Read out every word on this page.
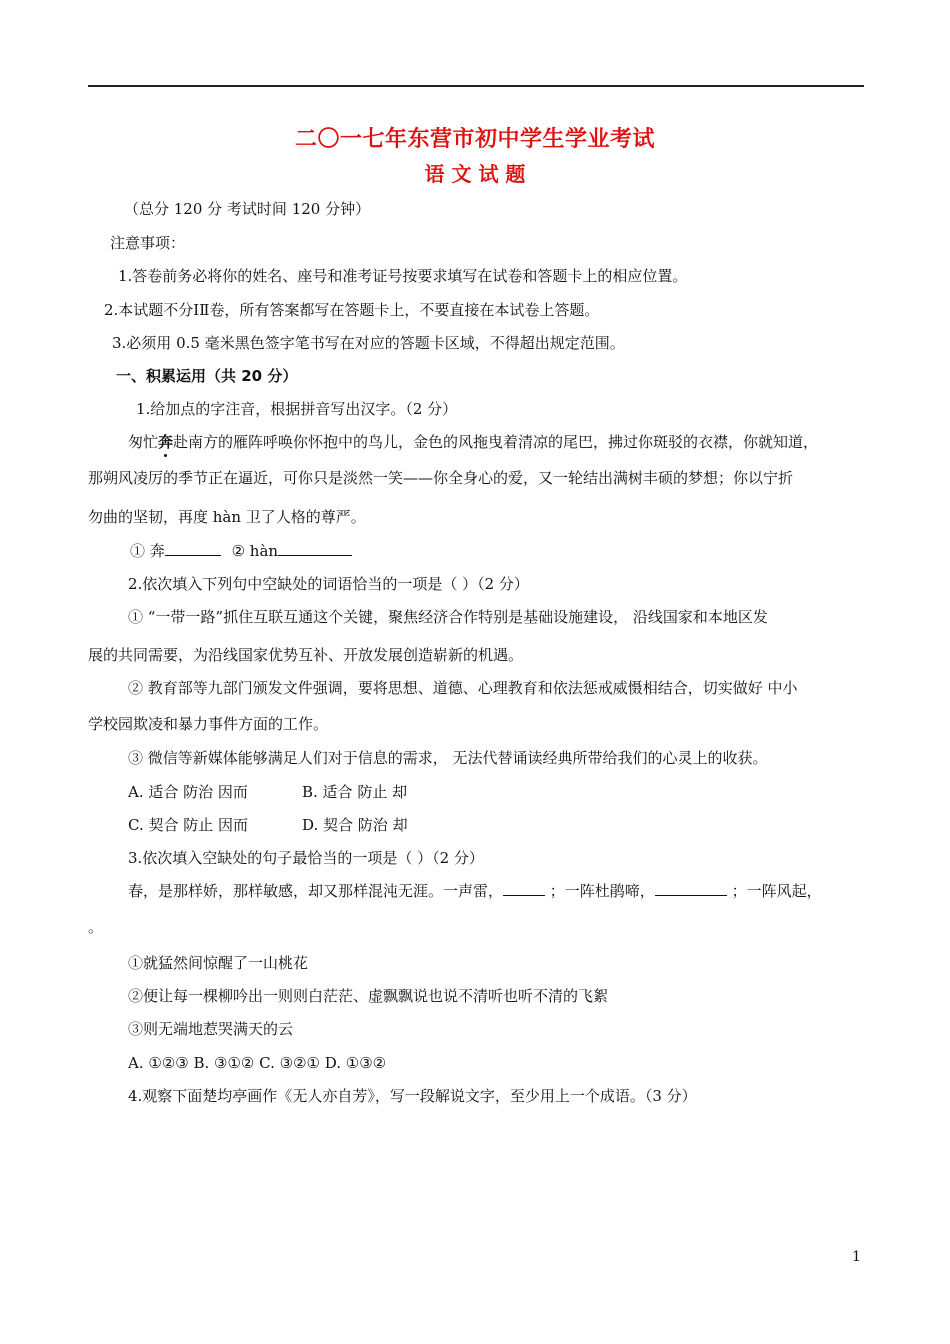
二〇一七年东营市初中学生学业考试
语 文 试 题
（总分 120 分 考试时间 120 分钟）
注意事项：
1.答卷前务必将你的姓名、座号和准考证号按要求填写在试卷和答题卡上的相应位置。
2.本试题不分ⅠⅡ卷，所有答案都写在答题卡上，不要直接在本试卷上答题。
3.必须用 0.5 毫米黑色签字笔书写在对应的答题卡区域，不得超出规定范围。
一、积累运用（共 20 分）
1.给加点的字注音，根据拼音写出汉字。（2 分）
匆忙奔赴南方的雁阵呼唤你怀抱中的鸟儿，金色的风拖曳着清凉的尾巴，拂过你斑驳的衣襟，你就知道，
那朔风凌厉的季节正在逼近，可你只是淡然一笑——你全身心的爱，又一轮结出满树丰硕的梦想；你以宁折
勿曲的坚韧，再度 hàn 卫了人格的尊严。
① 奔	② hàn
2.依次填入下列句中空缺处的词语恰当的一项是（ ）（2 分）
① “一带一路”抓住互联互通这个关键，聚焦经济合作特别是基础设施建设， 沿线国家和本地区发
展的共同需要，为沿线国家优势互补、开放发展创造崭新的机遇。
② 教育部等九部门颁发文件强调，要将思想、道德、心理教育和依法惩戒威慑相结合，切实做好 中小
学校园欺凌和暴力事件方面的工作。
③ 微信等新媒体能够满足人们对于信息的需求， 无法代替诵读经典所带给我们的心灵上的收获。
A. 适合 防治 因而	B. 适合 防止 却
C. 契合 防止 因而	D. 契合 防治 却
3.依次填入空缺处的句子最恰当的一项是（ ）（2 分）
春，是那样娇，那样敏感，却又那样混沌无涯。一声雷，	；一阵杜鹃啼，	；一阵风起，
。
①就猛然间惊醒了一山桃花
②便让每一棵柳吟出一则则白茫茫、虚飘飘说也说不清听也听不清的飞絮
③则无端地惹哭满天的云
A. ①②③ B. ③①② C. ③②① D. ①③②
4.观察下面楚均亭画作《无人亦自芳》，写一段解说文字，至少用上一个成语。（3 分）
1
